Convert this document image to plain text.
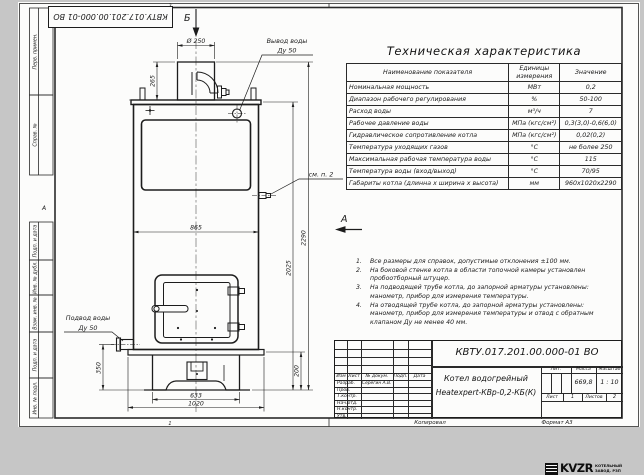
1
А
Перв. примен.
Справ. №
Подп. и дата
Инв. № дубл.
Взам. инв. №
Подп. и дата
Инв. № подл.
КВТУ.017.201.00.000-01 ВО Б
Вывод воды
Ду 50
см. п. 2
Подвод воды
Ду 50
А
Ø 250
265
865
2025
2290
350	200
633
1020
Техническая характеристика
Наименование показателя	Единицы измерения	Значение
Номинальная мощность	МВт	0,2
Диапазон рабочего регулирования	%	50-100
Расход воды	м³/ч	7
Рабочее давление воды	МПа (кгс/см²)	0,3(3,0)-0,6(6,0)
Гидравлическое сопротивление котла	МПа (кгс/см²)	0,02(0,2)
Температура уходящих газов	°С	не более 250
Максимальная рабочая температура воды	°С	115
Температура воды (вход/выход)	°С	70/95
Габариты котла (длинна х ширина х высота)	мм	960х1020х2290
1.	Все размеры для справок, допустимые отклонения ±100 мм.
2.	На боковой стенке котла в области топочной камеры установлен пробоотборный штуцер.
3.	На подводящей трубе котла, до запорной арматуры установлены: манометр, прибор для измерения температуры.
4.	На отводящей трубе котла, до запорной арматуры установлены: манометр, прибор для измерения температуры и отвод с обратным клапаном Ду не менее 40 мм.
Изм Лист	№ докум.	Подп.	Дата
Разраб.
Пров.
Т.контр.
Нач.отд.
Н.контр.
Утв.
Серёгин А.В.
КВТУ.017.201.00.000-01 ВО
Котел водогрейный
Heatexpert-КВр-0,2-КБ(К)
Лит.	Масса	Масштаб
669,8	1 : 10
Лист	1	Листов	2
KVZR КОТЕЛЬНЫЙ
ЗАВОД. РЗП
Копировал	Формат А3
